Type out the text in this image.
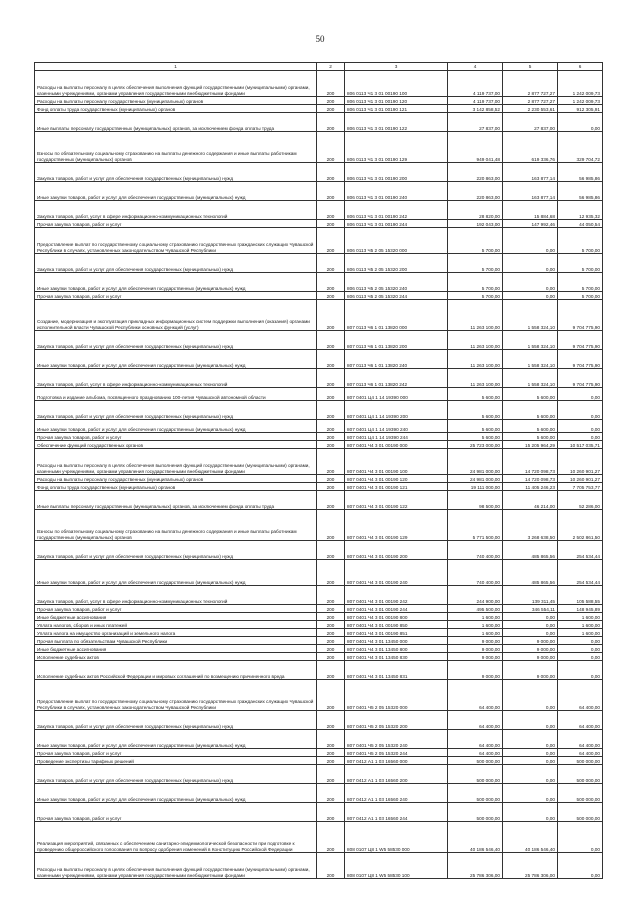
50
1	2	3	4	5	6
Расходы на выплаты персоналу в целях обеспечения выполнения функций государственными (муниципальными) органами, казенными учреждениями, органами управления государственными внебюджетными фондами	200	806 0113 Ч1 3 01 00190 100	4 119 737,00	2 877 727,27	1 242 009,73
Расходы на выплаты персоналу государственных (муниципальных) органов	200	806 0113 Ч1 3 01 00190 120	4 119 737,00	2 877 727,27	1 242 009,73
Фонд оплаты труда государственных (муниципальных) органов	200	806 0113 Ч1 3 01 00190 121	3 142 858,52	2 230 553,61	912 305,91
Иные выплаты персоналу государственных (муниципальных) органов, за исключением фонда оплаты труда	200	806 0113 Ч1 3 01 00190 122	27 837,00	27 837,00	0,00
Взносы по обязательному социальному страхованию на выплаты денежного содержания и иные выплаты работникам государственных (муниципальных) органов	200	806 0113 Ч1 3 01 00190 129	949 041,48	619 336,76	329 704,72
Закупка товаров, работ и услуг для обеспечения государственных (муниципальных) нужд	200	806 0113 Ч1 3 01 00190 200	220 863,00	163 877,14	56 985,86
Иные закупки товаров, работ и услуг для обеспечения государственных (муниципальных) нужд	200	806 0113 Ч1 3 01 00190 240	220 863,00	163 877,14	56 985,86
Закупка товаров, работ, услуг в сфере информационно-коммуникационных технологий	200	806 0113 Ч1 3 01 00190 242	28 820,00	15 884,68	12 935,32
Прочая закупка товаров, работ и услуг	200	806 0113 Ч1 3 01 00190 244	192 043,00	147 992,46	44 050,54
Предоставление выплат по государственному социальному страхованию государственных гражданских служащих Чувашской Республики в случаях, установленных законодательством Чувашской Республики	200	806 0113 Ч5 2 05 15320 000	5 700,00	0,00	5 700,00
Закупка товаров, работ и услуг для обеспечения государственных (муниципальных) нужд	200	806 0113 Ч5 2 05 15320 200	5 700,00	0,00	5 700,00
Иные закупки товаров, работ и услуг для обеспечения государственных (муниципальных) нужд	200	806 0113 Ч5 2 05 15320 240	5 700,00	0,00	5 700,00
Прочая закупка товаров, работ и услуг	200	806 0113 Ч5 2 05 15320 244	5 700,00	0,00	5 700,00
Создание, модернизация и эксплуатация прикладных информационных систем поддержки выполнения (оказания) органами исполнительной власти Чувашской Республики основных функций (услуг)	200	807 0113 Ч6 1 01 13820 000	11 263 100,00	1 558 324,10	9 704 775,90
Закупка товаров, работ и услуг для обеспечения государственных (муниципальных) нужд	200	807 0113 Ч6 1 01 13820 200	11 263 100,00	1 558 324,10	9 704 775,90
Иные закупки товаров, работ и услуг для обеспечения государственных (муниципальных) нужд	200	807 0113 Ч6 1 01 13820 240	11 263 100,00	1 558 324,10	9 704 775,90
Закупка товаров, работ, услуг в сфере информационно-коммуникационных технологий	200	807 0113 Ч6 1 01 13820 242	11 263 100,00	1 558 324,10	9 704 775,90
Подготовка и издание альбома, посвященного празднованию 100-летия Чувашской автономной области	200	807 0401 Ц4 1 14 19390 000	5 600,00	5 600,00	0,00
Закупка товаров, работ и услуг для обеспечения государственных (муниципальных) нужд	200	807 0401 Ц4 1 14 19390 200	5 600,00	5 600,00	0,00
Иные закупки товаров, работ и услуг для обеспечения государственных (муниципальных) нужд	200	807 0401 Ц4 1 14 19390 240	5 600,00	5 600,00	0,00
Прочая закупка товаров, работ и услуг	200	807 0401 Ц4 1 14 19390 244	5 600,00	5 600,00	0,00
Обеспечение функций государственных органов	200	807 0401 Ч4 3 01 00190 000	25 723 000,00	15 205 964,29	10 517 035,71
Расходы на выплаты персоналу в целях обеспечения выполнения функций государственными (муниципальными) органами, казенными учреждениями, органами управления государственными внебюджетными фондами	200	807 0401 Ч4 3 01 00190 100	24 981 000,00	14 720 098,73	10 260 901,27
Расходы на выплаты персоналу государственных (муниципальных) органов	200	807 0401 Ч4 3 01 00190 120	24 981 000,00	14 720 098,73	10 260 901,27
Фонд оплаты труда государственных (муниципальных) органов	200	807 0401 Ч4 3 01 00190 121	19 111 000,00	11 405 246,23	7 705 753,77
Иные выплаты персоналу государственных (муниципальных) органов, за исключением фонда оплаты труда	200	807 0401 Ч4 3 01 00190 122	98 500,00	46 214,00	52 286,00
Взносы по обязательному социальному страхованию на выплаты денежного содержания и иные выплаты работникам государственных (муниципальных) органов	200	807 0401 Ч4 3 01 00190 129	5 771 500,00	3 268 638,50	2 502 861,50
Закупка товаров, работ и услуг для обеспечения государственных (муниципальных) нужд	200	807 0401 Ч4 3 01 00190 200	740 400,00	485 865,56	254 534,44
Иные закупки товаров, работ и услуг для обеспечения государственных (муниципальных) нужд	200	807 0401 Ч4 3 01 00190 240	740 400,00	485 865,56	254 534,44
Закупка товаров, работ, услуг в сфере информационно-коммуникационных технологий	200	807 0401 Ч4 3 01 00190 242	244 900,00	139 311,45	105 588,55
Прочая закупка товаров, работ и услуг	200	807 0401 Ч4 3 01 00190 244	495 500,00	346 554,11	148 945,89
Иные бюджетные ассигнования	200	807 0401 Ч4 3 01 00190 800	1 600,00	0,00	1 600,00
Уплата налогов, сборов и иных платежей	200	807 0401 Ч4 3 01 00190 850	1 600,00	0,00	1 600,00
Уплата налога на имущество организаций и земельного налога	200	807 0401 Ч4 3 01 00190 851	1 600,00	0,00	1 600,00
Прочая выплата по обязательствам Чувашской Республики	200	807 0401 Ч4 3 01 13450 000	9 000,00	9 000,00	0,00
Иные бюджетные ассигнования	200	807 0401 Ч4 3 01 13450 800	9 000,00	9 000,00	0,00
Исполнение судебных актов	200	807 0401 Ч4 3 01 13450 830	9 000,00	9 000,00	0,00
Исполнение судебных актов Российской Федерации и мировых соглашений по возмещению причиненного вреда	200	807 0401 Ч4 3 01 13450 831	9 000,00	9 000,00	0,00
Предоставление выплат по государственному социальному страхованию государственных гражданских служащих Чувашской Республики в случаях, установленных законодательством Чувашской Республики	200	807 0401 Ч5 2 05 15320 000	64 400,00	0,00	64 400,00
Закупка товаров, работ и услуг для обеспечения государственных (муниципальных) нужд	200	807 0401 Ч5 2 05 15320 200	64 400,00	0,00	64 400,00
Иные закупки товаров, работ и услуг для обеспечения государственных (муниципальных) нужд	200	807 0401 Ч5 2 05 15320 240	64 400,00	0,00	64 400,00
Прочая закупка товаров, работ и услуг	200	807 0401 Ч5 2 05 15320 244	64 400,00	0,00	64 400,00
Проведение экспертизы тарифных решений	200	807 0412 А1 1 03 16560 000	500 000,00	0,00	500 000,00
Закупка товаров, работ и услуг для обеспечения государственных (муниципальных) нужд	200	807 0412 А1 1 03 16560 200	500 000,00	0,00	500 000,00
Иные закупки товаров, работ и услуг для обеспечения государственных (муниципальных) нужд	200	807 0412 А1 1 03 16560 240	500 000,00	0,00	500 000,00
Прочая закупка товаров, работ и услуг	200	807 0412 А1 1 03 16560 244	500 000,00	0,00	500 000,00
Реализация мероприятий, связанных с обеспечением санитарно-эпидемиологической безопасности при подготовке к проведению общероссийского голосования по вопросу одобрения изменений в Конституцию Российской Федерации	200	808 0107 Ц8 1 W5 58530 000	40 186 546,40	40 186 546,40	0,00
Расходы на выплаты персоналу в целях обеспечения выполнения функций государственными (муниципальными) органами, казенными учреждениями, органами управления государственными внебюджетными фондами	200	808 0107 Ц8 1 W5 58530 100	25 786 306,00	25 786 306,00	0,00
